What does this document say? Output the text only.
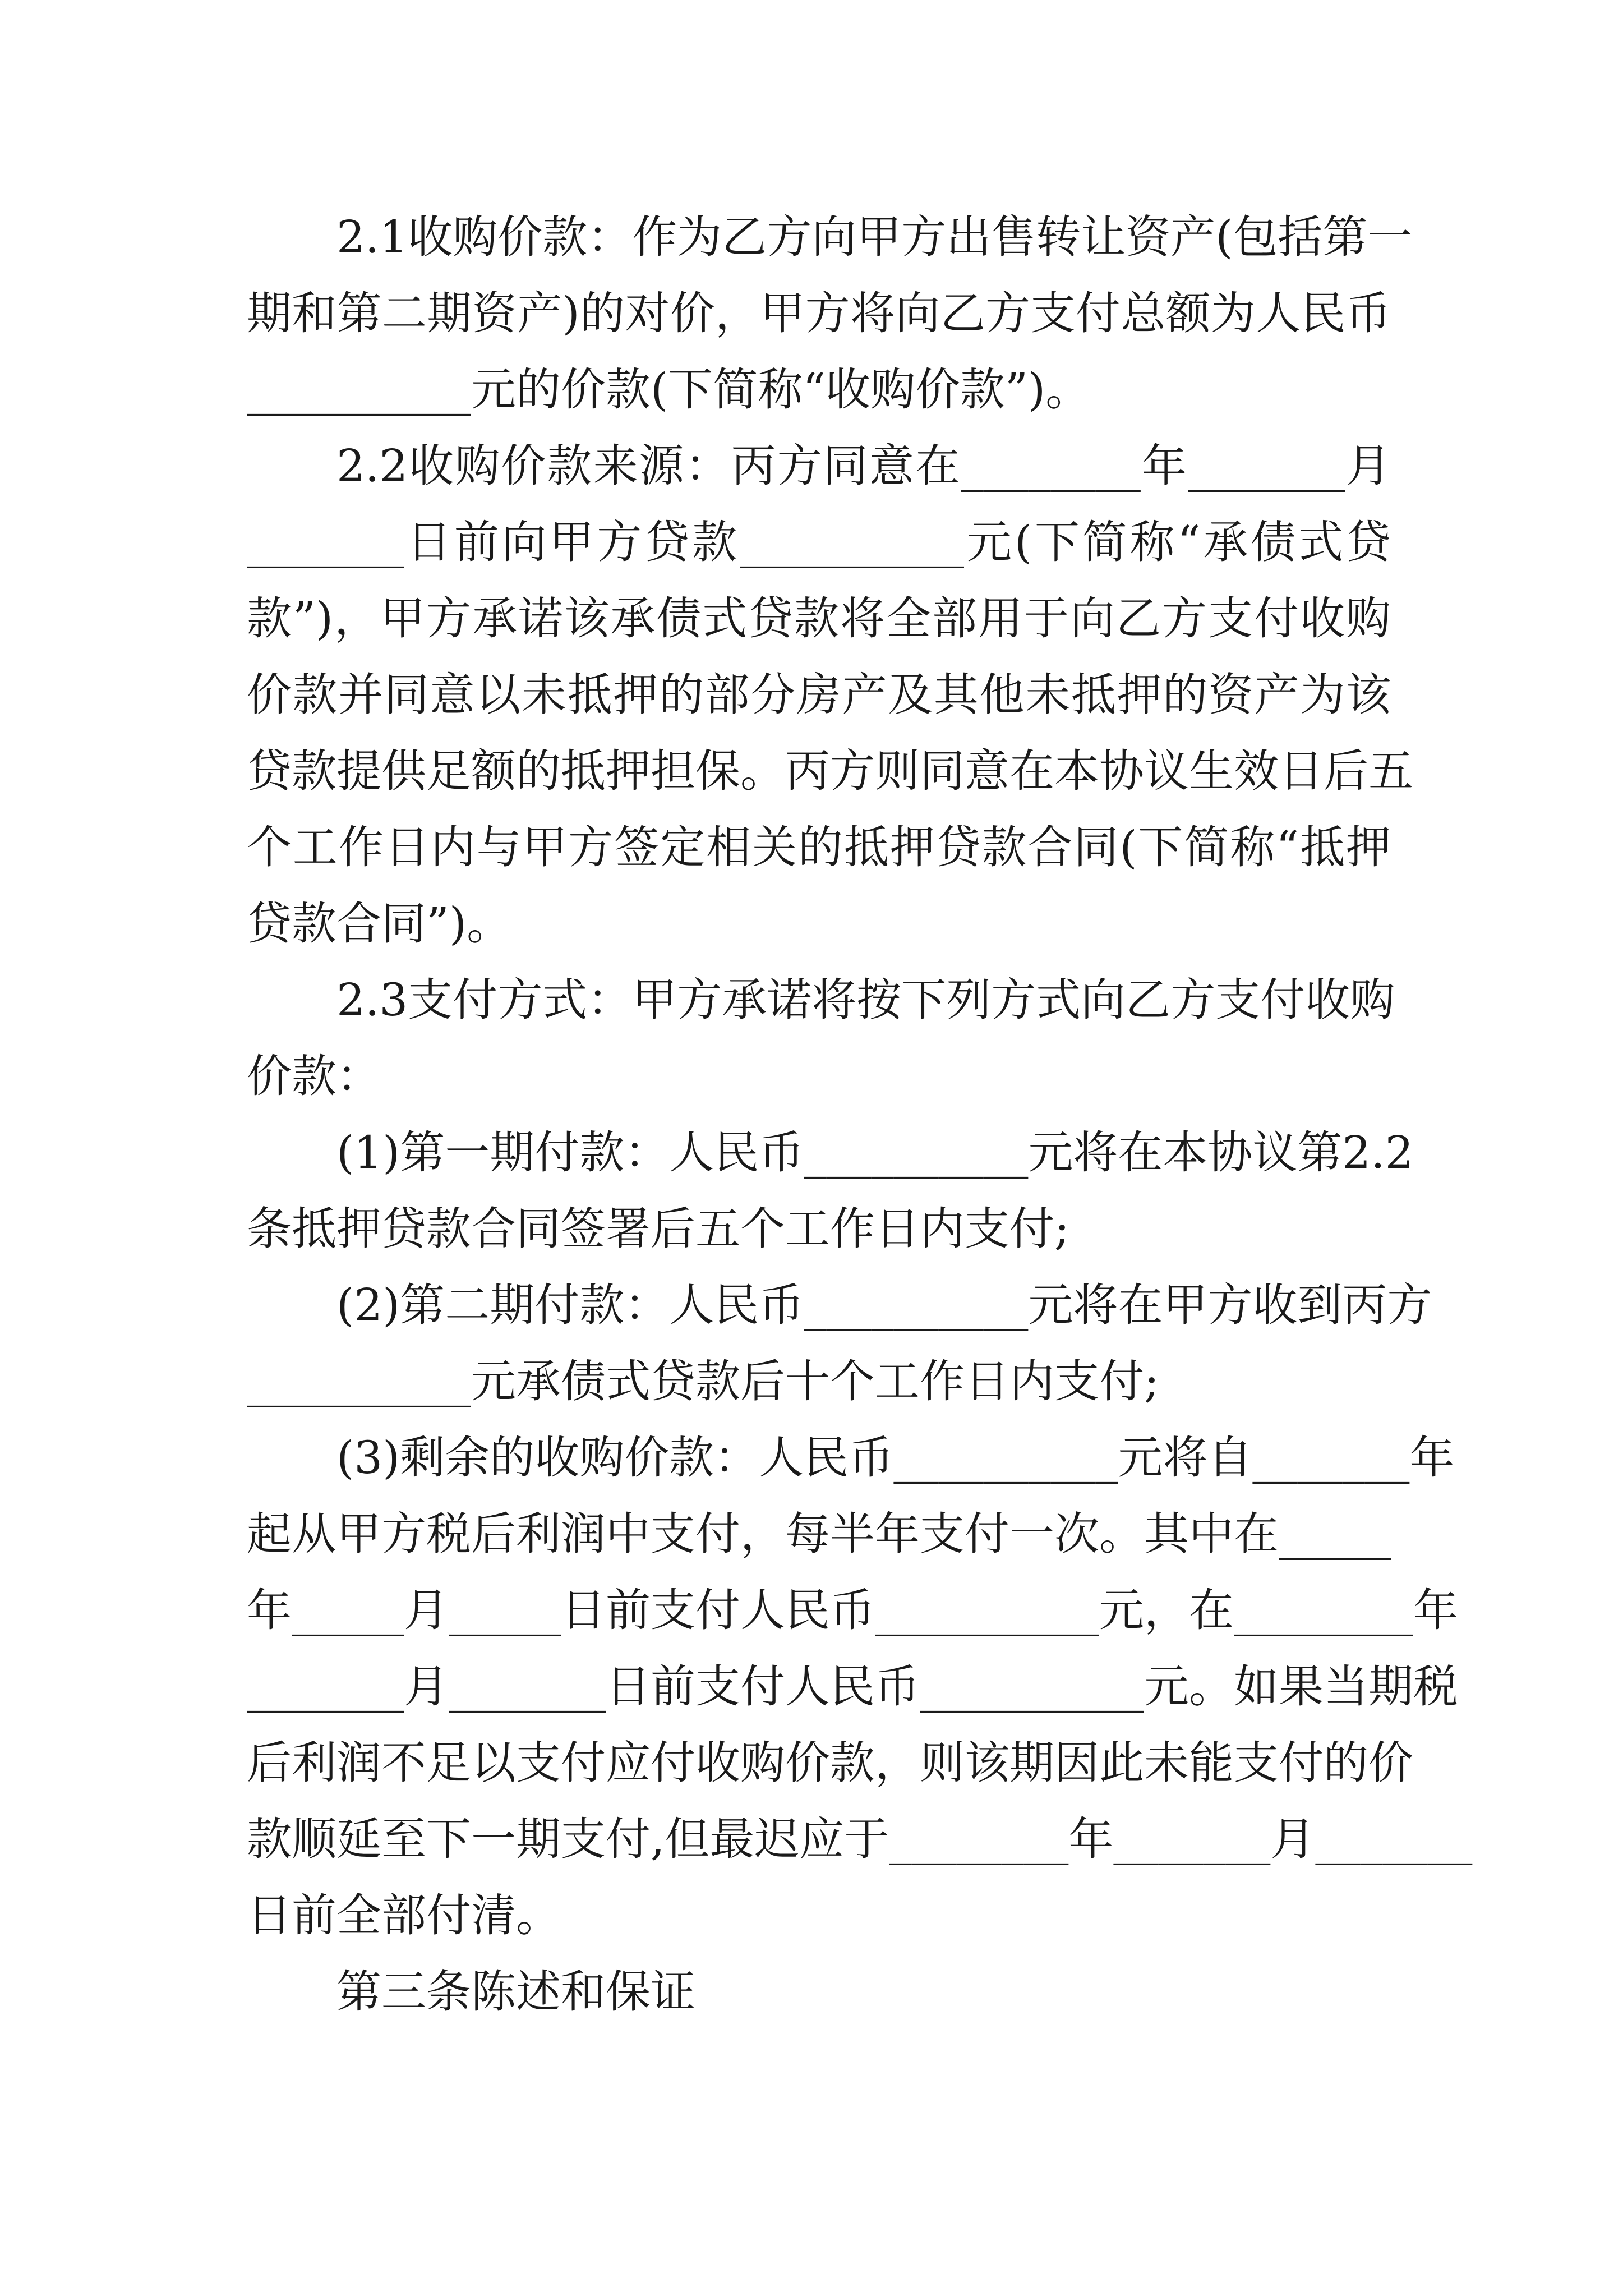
2.1收购价款：作为乙方向甲方出售转让资产(包括第一
期和第二期资产)的对价，甲方将向乙方支付总额为人民币
__________元的价款(下简称“收购价款”)。
2.2收购价款来源：丙方同意在________年_______月
_______日前向甲方贷款__________元(下简称“承债式贷
款”)，甲方承诺该承债式贷款将全部用于向乙方支付收购
价款并同意以未抵押的部分房产及其他未抵押的资产为该
贷款提供足额的抵押担保。丙方则同意在本协议生效日后五
个工作日内与甲方签定相关的抵押贷款合同(下简称“抵押
贷款合同”)。
2.3支付方式：甲方承诺将按下列方式向乙方支付收购
价款：
(1)第一期付款：人民币__________元将在本协议第2.2
条抵押贷款合同签署后五个工作日内支付;
(2)第二期付款：人民币__________元将在甲方收到丙方
__________元承债式贷款后十个工作日内支付;
(3)剩余的收购价款：人民币__________元将自_______年
起从甲方税后利润中支付，每半年支付一次。其中在_____
年_____月_____日前支付人民币__________元，在________年
_______月_______日前支付人民币__________元。如果当期税
后利润不足以支付应付收购价款，则该期因此未能支付的价
款顺延至下一期支付,但最迟应于________年_______月_______
日前全部付清。
第三条陈述和保证
